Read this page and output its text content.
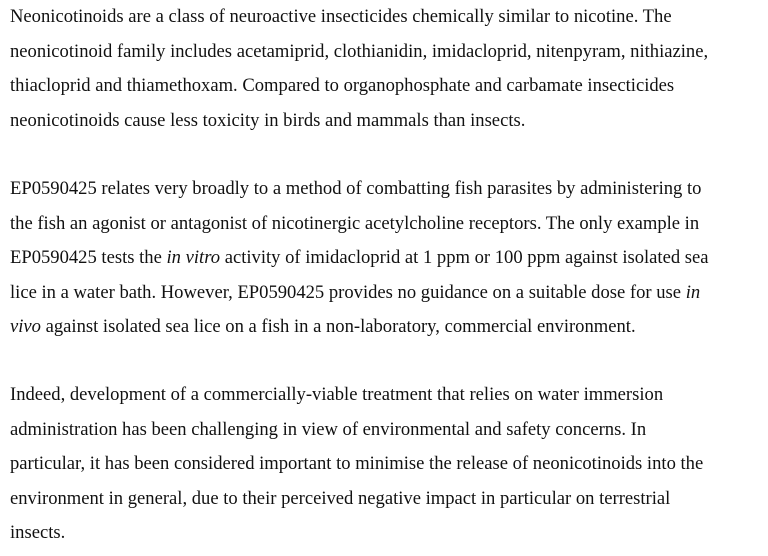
Neonicotinoids are a class of neuroactive insecticides chemically similar to nicotine. The
neonicotinoid family includes acetamiprid, clothianidin, imidacloprid, nitenpyram, nithiazine,
thiacloprid and thiamethoxam. Compared to organophosphate and carbamate insecticides
neonicotinoids cause less toxicity in birds and mammals than insects.

EP0590425 relates very broadly to a method of combatting fish parasites by administering to
the fish an agonist or antagonist of nicotinergic acetylcholine receptors. The only example in
EP0590425 tests the in vitro activity of imidacloprid at 1 ppm or 100 ppm against isolated sea
lice in a water bath. However, EP0590425 provides no guidance on a suitable dose for use in
vivo against isolated sea lice on a fish in a non-laboratory, commercial environment.

Indeed, development of a commercially-viable treatment that relies on water immersion
administration has been challenging in view of environmental and safety concerns. In
particular, it has been considered important to minimise the release of neonicotinoids into the
environment in general, due to their perceived negative impact in particular on terrestrial
insects.
